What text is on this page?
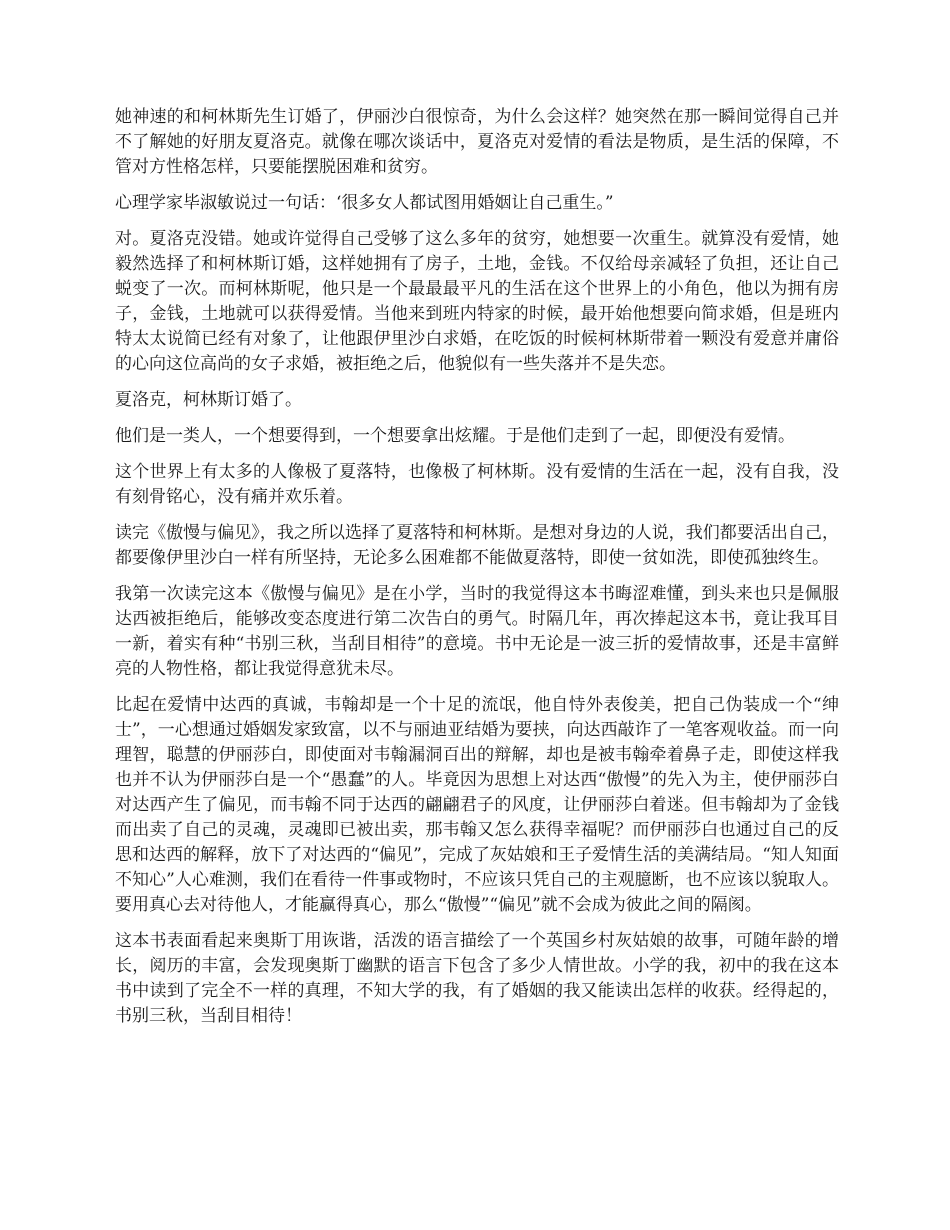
她神速的和柯林斯先生订婚了，伊丽沙白很惊奇，为什么会这样？她突然在那一瞬间觉得自己并不了解她的好朋友夏洛克。就像在哪次谈话中，夏洛克对爱情的看法是物质，是生活的保障，不管对方性格怎样，只要能摆脱困难和贫穷。

心理学家毕淑敏说过一句话：‘很多女人都试图用婚姻让自己重生。”

对。夏洛克没错。她或许觉得自己受够了这么多年的贫穷，她想要一次重生。就算没有爱情，她毅然选择了和柯林斯订婚，这样她拥有了房子，土地，金钱。不仅给母亲减轻了负担，还让自己蜕变了一次。而柯林斯呢，他只是一个最最最平凡的生活在这个世界上的小角色，他以为拥有房子，金钱，土地就可以获得爱情。当他来到班内特家的时候，最开始他想要向简求婚，但是班内特太太说简已经有对象了，让他跟伊里沙白求婚，在吃饭的时候柯林斯带着一颗没有爱意并庸俗的心向这位高尚的女子求婚，被拒绝之后，他貌似有一些失落并不是失恋。

夏洛克，柯林斯订婚了。

他们是一类人，一个想要得到，一个想要拿出炫耀。于是他们走到了一起，即便没有爱情。

这个世界上有太多的人像极了夏落特，也像极了柯林斯。没有爱情的生活在一起，没有自我，没有刻骨铭心，没有痛并欢乐着。

读完《傲慢与偏见》，我之所以选择了夏落特和柯林斯。是想对身边的人说，我们都要活出自己，都要像伊里沙白一样有所坚持，无论多么困难都不能做夏落特，即使一贫如洗，即使孤独终生。

我第一次读完这本《傲慢与偏见》是在小学，当时的我觉得这本书晦涩难懂，到头来也只是佩服达西被拒绝后，能够改变态度进行第二次告白的勇气。时隔几年，再次捧起这本书，竟让我耳目一新，着实有种“书别三秋，当刮目相待”的意境。书中无论是一波三折的爱情故事，还是丰富鲜亮的人物性格，都让我觉得意犹未尽。

比起在爱情中达西的真诚，韦翰却是一个十足的流氓，他自恃外表俊美，把自己伪装成一个“绅士”，一心想通过婚姻发家致富，以不与丽迪亚结婚为要挟，向达西敲诈了一笔客观收益。而一向理智，聪慧的伊丽莎白，即使面对韦翰漏洞百出的辩解，却也是被韦翰牵着鼻子走，即使这样我也并不认为伊丽莎白是一个“愚蠢”的人。毕竟因为思想上对达西“傲慢”的先入为主，使伊丽莎白对达西产生了偏见，而韦翰不同于达西的翩翩君子的风度，让伊丽莎白着迷。但韦翰却为了金钱而出卖了自己的灵魂，灵魂即已被出卖，那韦翰又怎么获得幸福呢？而伊丽莎白也通过自己的反思和达西的解释，放下了对达西的“偏见”，完成了灰姑娘和王子爱情生活的美满结局。“知人知面不知心”人心难测，我们在看待一件事或物时，不应该只凭自己的主观臆断，也不应该以貌取人。要用真心去对待他人，才能赢得真心，那么“傲慢”“偏见”就不会成为彼此之间的隔阂。

这本书表面看起来奥斯丁用诙谐，活泼的语言描绘了一个英国乡村灰姑娘的故事，可随年龄的增长，阅历的丰富，会发现奥斯丁幽默的语言下包含了多少人情世故。小学的我，初中的我在这本书中读到了完全不一样的真理，不知大学的我，有了婚姻的我又能读出怎样的收获。经得起的，书别三秋，当刮目相待！
